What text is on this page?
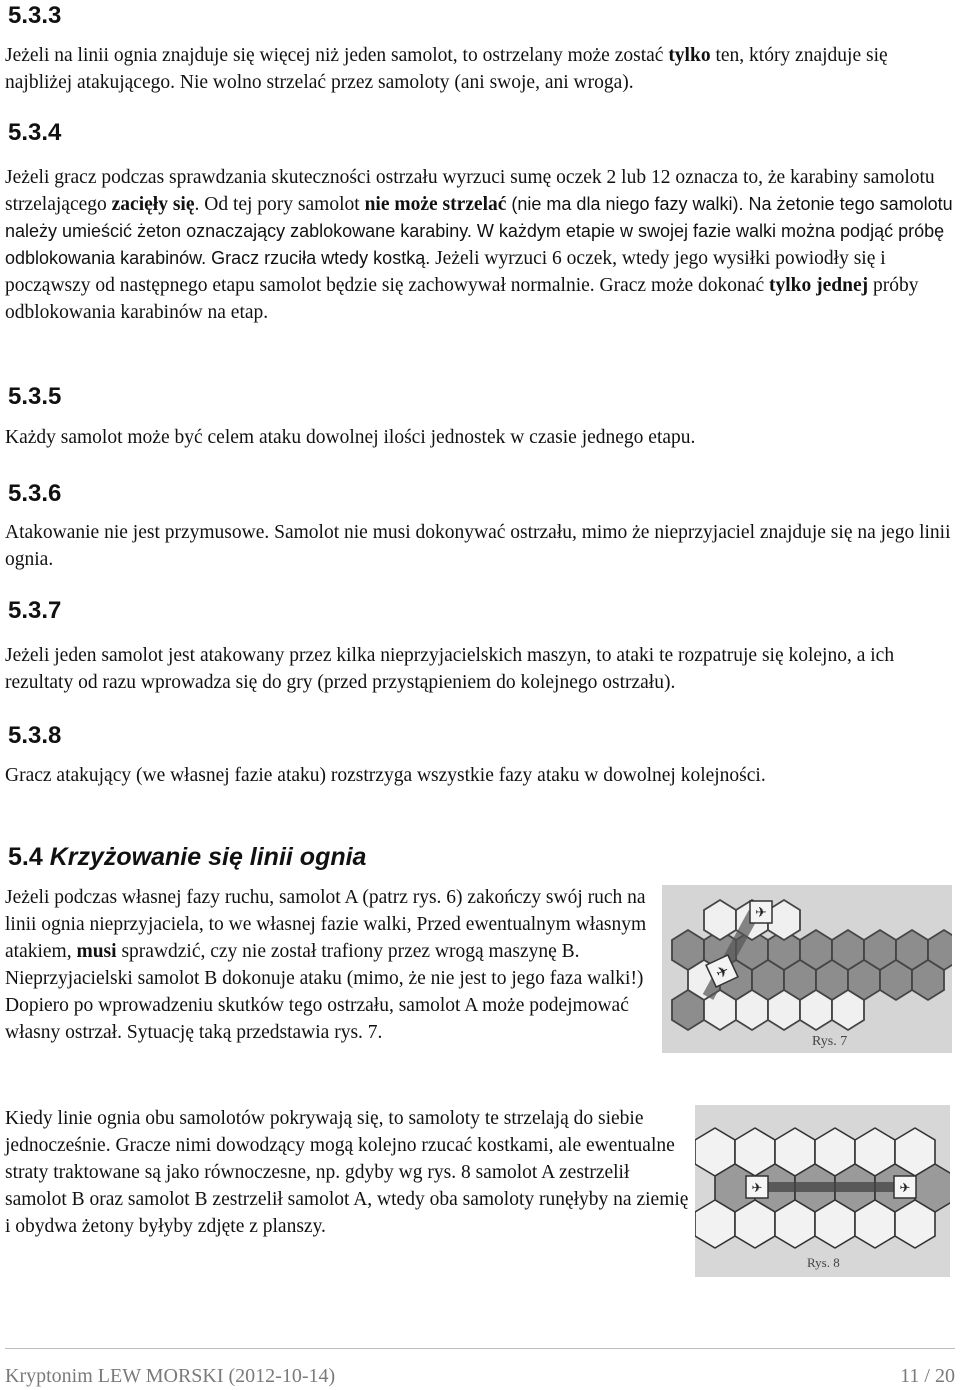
5.3.3

Jeżeli na linii ognia znajduje się więcej niż jeden samolot, to ostrzelany może zostać tylko ten, który znajduje się najbliżej atakującego. Nie wolno strzelać przez samoloty (ani swoje, ani wroga).

5.3.4

Jeżeli gracz podczas sprawdzania skuteczności ostrzału wyrzuci sumę oczek 2 lub 12 oznacza to, że karabiny samolotu strzelającego zacięły się. Od tej pory samolot nie może strzelać (nie ma dla niego fazy walki). Na żetonie tego samolotu należy umieścić żeton oznaczający zablokowane karabiny. W każdym etapie w swojej fazie walki można podjąć próbę odblokowania karabinów. Gracz rzuciła wtedy kostką. Jeżeli wyrzuci 6 oczek, wtedy jego wysiłki powiodły się i począwszy od następnego etapu samolot będzie się zachowywał normalnie. Gracz może dokonać tylko jednej próby odblokowania karabinów na etap.

5.3.5

Każdy samolot może być celem ataku dowolnej ilości jednostek w czasie jednego etapu.

5.3.6

Atakowanie nie jest przymusowe. Samolot nie musi dokonywać ostrzału, mimo że nieprzyjaciel znajduje się na jego linii ognia.

5.3.7

Jeżeli jeden samolot jest atakowany przez kilka nieprzyjacielskich maszyn, to ataki te rozpatruje się kolejno, a ich rezultaty od razu wprowadza się do gry (przed przystąpieniem do kolejnego ostrzału).

5.3.8

Gracz atakujący (we własnej fazie ataku) rozstrzyga wszystkie fazy ataku w dowolnej kolejności.

5.4 Krzyżowanie się linii ognia

Jeżeli podczas własnej fazy ruchu, samolot A (patrz rys. 6) zakończy swój ruch na linii ognia nieprzyjaciela, to we własnej fazie walki, Przed ewentualnym własnym atakiem, musi sprawdzić, czy nie został trafiony przez wrogą maszynę B. Nieprzyjacielski samolot B dokonuje ataku (mimo, że nie jest to jego faza walki!) Dopiero po wprowadzeniu skutków tego ostrzału, samolot A może podejmować własny ostrzał. Sytuację taką przedstawia rys. 7.

✈
✈
Rys. 7

Kiedy linie ognia obu samolotów pokrywają się, to samoloty te strzelają do siebie jednocześnie. Gracze nimi dowodzący mogą kolejno rzucać kostkami, ale ewentualne straty traktowane są jako równoczesne, np. gdyby wg rys. 8 samolot A zestrzelił samolot B oraz samolot B zestrzelił samolot A, wtedy oba samoloty runęłyby na ziemię i obydwa żetony byłyby zdjęte z planszy.

✈	✈
Rys. 8
Kryptonim LEW MORSKI (2012-10-14)	11 / 20
